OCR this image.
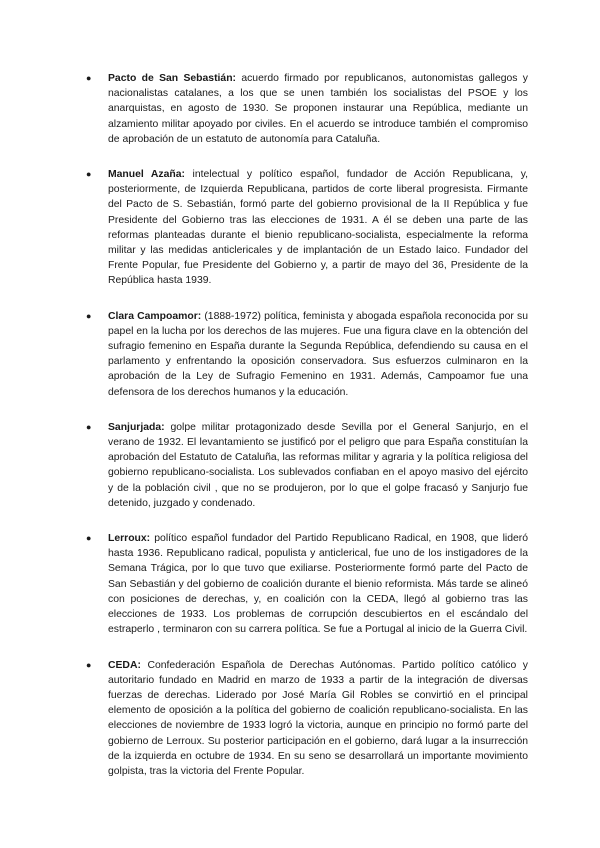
● Pacto de San Sebastián: acuerdo firmado por republicanos, autonomistas gallegos y nacionalistas catalanes, a los que se unen también los socialistas del PSOE y los anarquistas, en agosto de 1930. Se proponen instaurar una República, mediante un alzamiento militar apoyado por civiles. En el acuerdo se introduce también el compromiso de aprobación de un estatuto de autonomía para Cataluña.
● Manuel Azaña: intelectual y político español, fundador de Acción Republicana, y, posteriormente, de Izquierda Republicana, partidos de corte liberal progresista. Firmante del Pacto de S. Sebastián, formó parte del gobierno provisional de la II República y fue Presidente del Gobierno tras las elecciones de 1931. A él se deben una parte de las reformas planteadas durante el bienio republicano-socialista, especialmente la reforma militar y las medidas anticlericales y de implantación de un Estado laico. Fundador del Frente Popular, fue Presidente del Gobierno y, a partir de mayo del 36, Presidente de la República hasta 1939.
● Clara Campoamor: (1888-1972) política, feminista y abogada española reconocida por su papel en la lucha por los derechos de las mujeres. Fue una figura clave en la obtención del sufragio femenino en España durante la Segunda República, defendiendo su causa en el parlamento y enfrentando la oposición conservadora. Sus esfuerzos culminaron en la aprobación de la Ley de Sufragio Femenino en 1931. Además, Campoamor fue una defensora de los derechos humanos y la educación.
● Sanjurjada: golpe militar protagonizado desde Sevilla por el General Sanjurjo, en el verano de 1932. El levantamiento se justificó por el peligro que para España constituían la aprobación del Estatuto de Cataluña, las reformas militar y agraria y la política religiosa del gobierno republicano-socialista. Los sublevados confiaban en el apoyo masivo del ejército y de la población civil , que no se produjeron, por lo que el golpe fracasó y Sanjurjo fue detenido, juzgado y condenado.
● Lerroux: político español fundador del Partido Republicano Radical, en 1908, que lideró hasta 1936. Republicano radical, populista y anticlerical, fue uno de los instigadores de la Semana Trágica, por lo que tuvo que exiliarse. Posteriormente formó parte del Pacto de San Sebastián y del gobierno de coalición durante el bienio reformista. Más tarde se alineó con posiciones de derechas, y, en coalición con la CEDA, llegó al gobierno tras las elecciones de 1933. Los problemas de corrupción descubiertos en el escándalo del estraperlo , terminaron con su carrera política. Se fue a Portugal al inicio de la Guerra Civil.
● CEDA: Confederación Española de Derechas Autónomas. Partido político católico y autoritario fundado en Madrid en marzo de 1933 a partir de la integración de diversas fuerzas de derechas. Liderado por José María Gil Robles se convirtió en el principal elemento de oposición a la política del gobierno de coalición republicano-socialista. En las elecciones de noviembre de 1933 logró la victoria, aunque en principio no formó parte del gobierno de Lerroux. Su posterior participación en el gobierno, dará lugar a la insurrección de la izquierda en octubre de 1934. En su seno se desarrollará un importante movimiento golpista, tras la victoria del Frente Popular.
